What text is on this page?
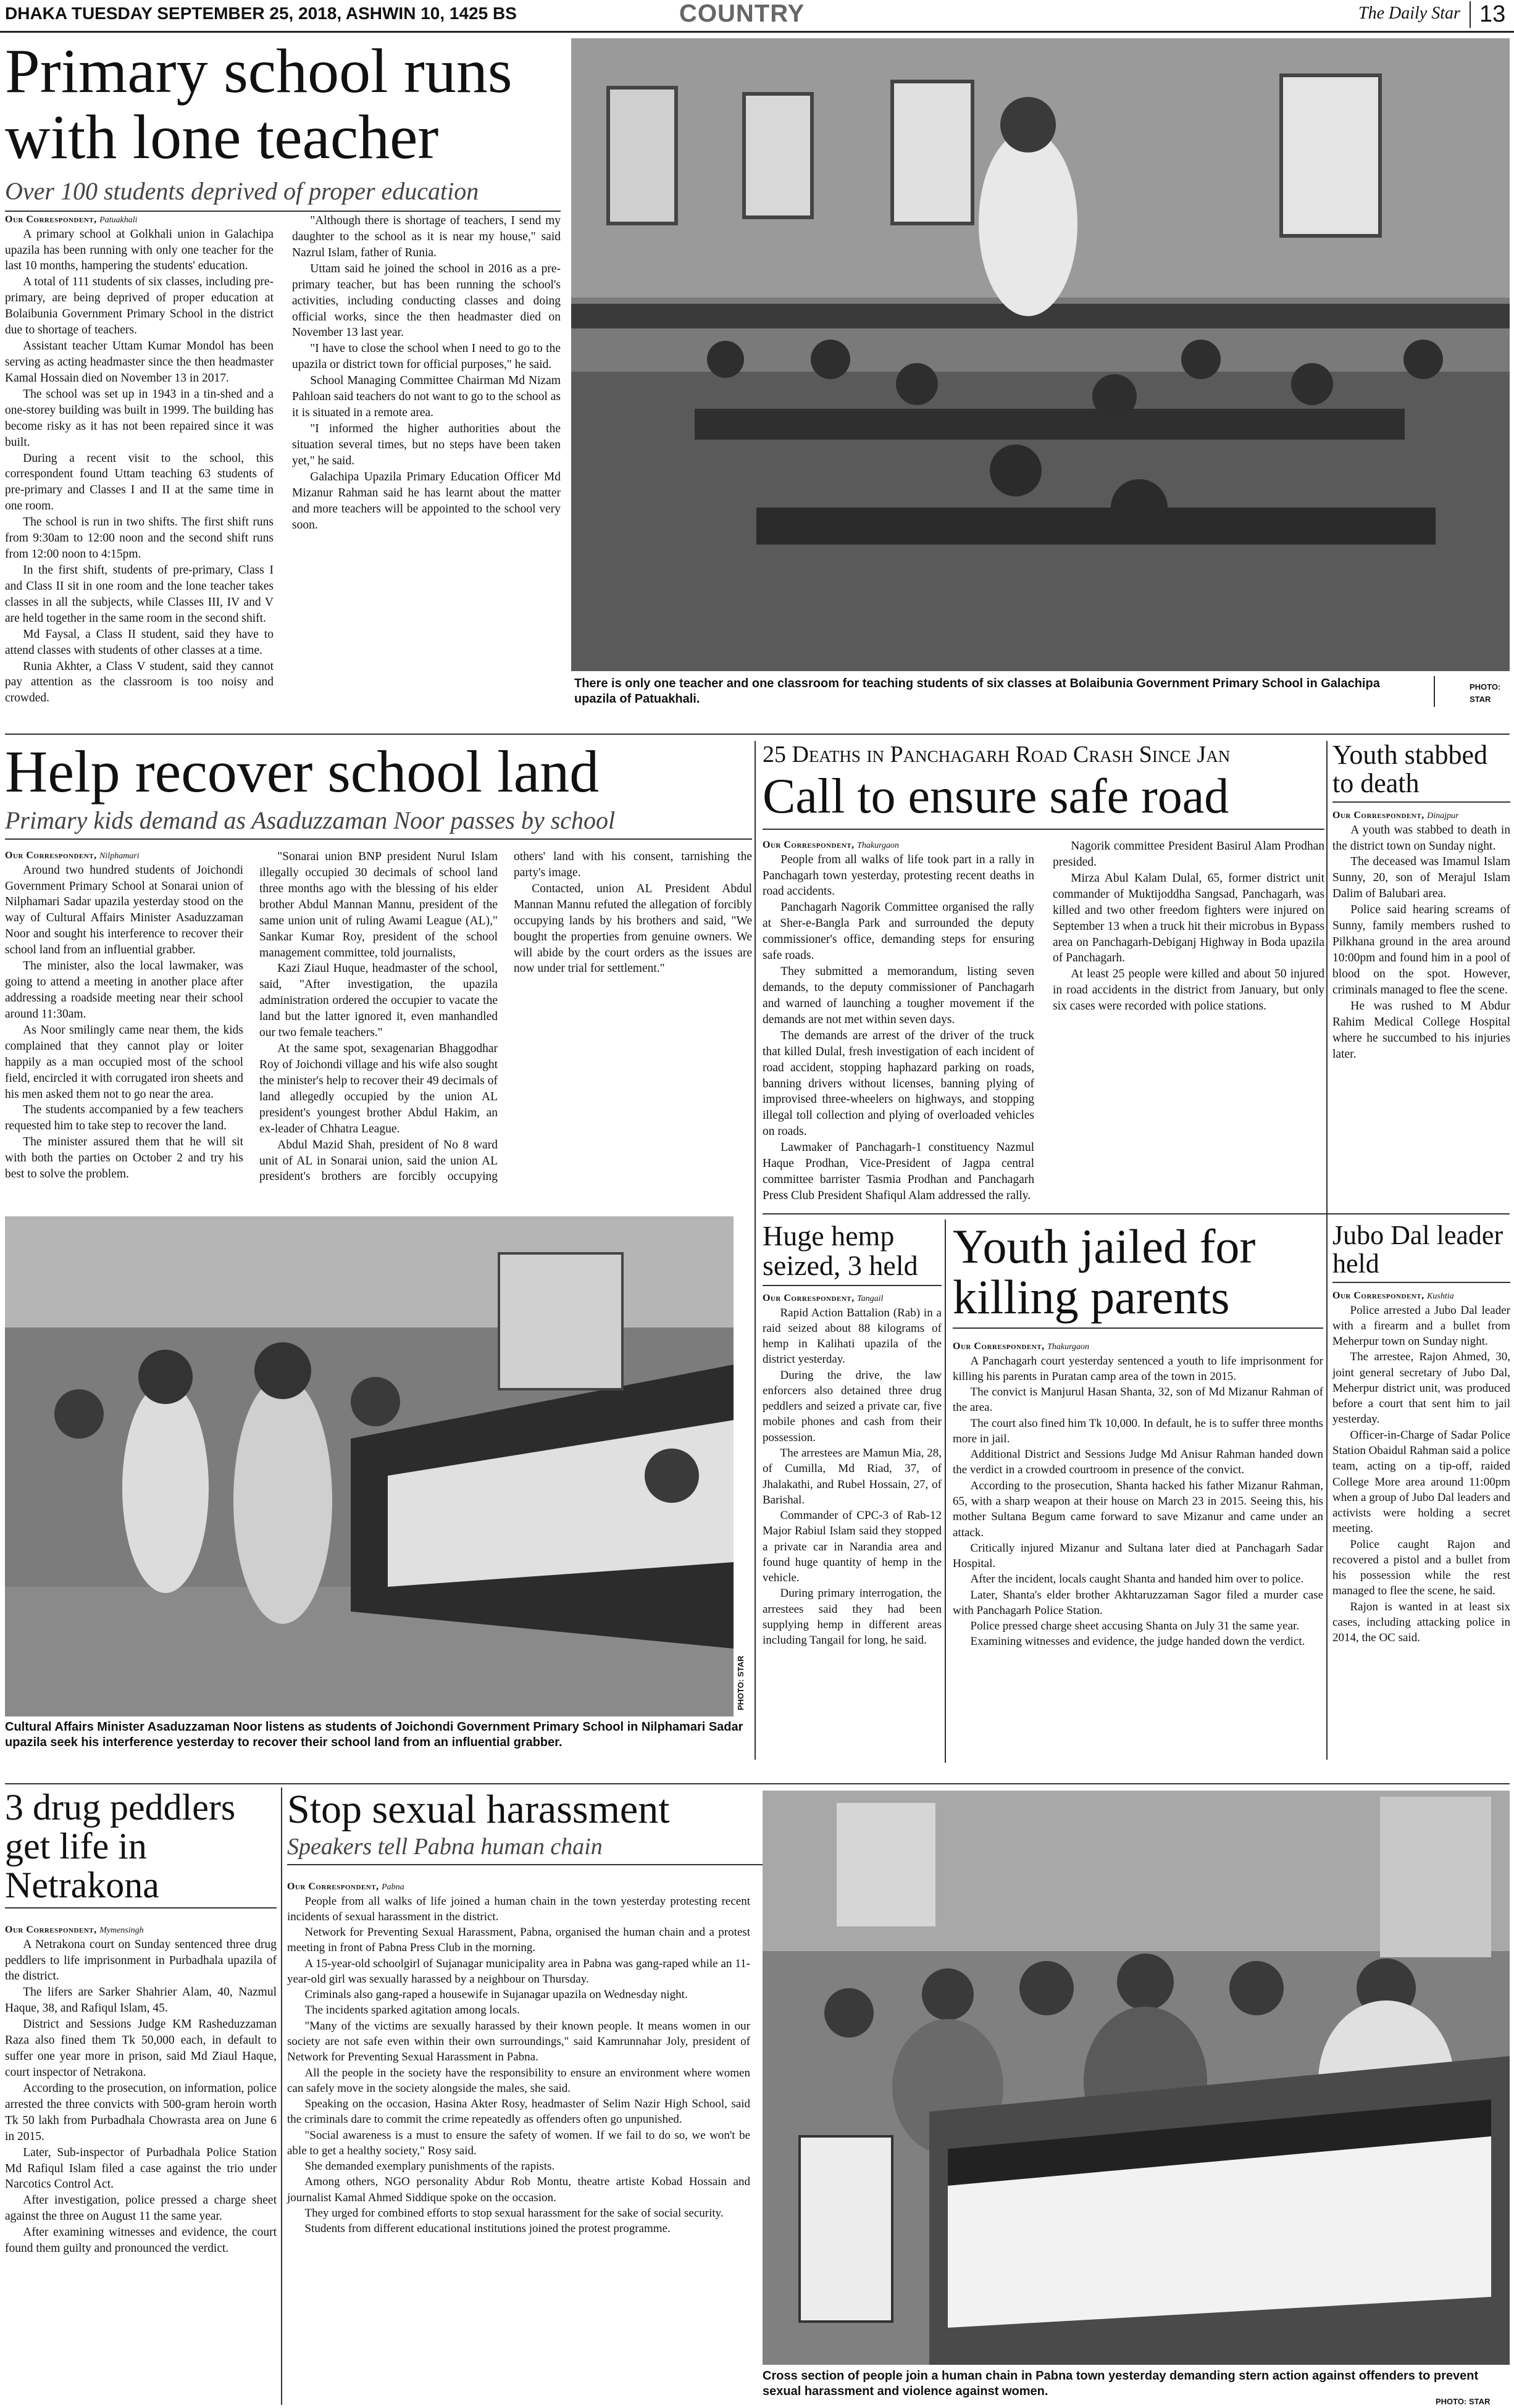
DHAKA TUESDAY SEPTEMBER 25, 2018, ASHWIN 10, 1425 BS	COUNTRY	The Daily Star 13
Primary school runs with lone teacher
Over 100 students deprived of proper education
Our Correspondent, Patuakhali

A primary school at Golkhali union in Galachipa upazila has been running with only one teacher for the last 10 months, hampering the students' education.

A total of 111 students of six classes, including pre-primary, are being deprived of proper education at Bolaibunia Government Primary School in the district due to shortage of teachers.

Assistant teacher Uttam Kumar Mondol has been serving as acting headmaster since the then headmaster Kamal Hossain died on November 13 in 2017.

The school was set up in 1943 in a tin-shed and a one-storey building was built in 1999. The building has become risky as it has not been repaired since it was built.

During a recent visit to the school, this correspondent found Uttam teaching 63 students of pre-primary and Classes I and II at the same time in one room.

The school is run in two shifts. The first shift runs from 9:30am to 12:00 noon and the second shift runs from 12:00 noon to 4:15pm.

In the first shift, students of pre-primary, Class I and Class II sit in one room and the lone teacher takes classes in all the subjects, while Classes III, IV and V are held together in the same room in the second shift.

Md Faysal, a Class II student, said they have to attend classes with students of other classes at a time.

Runia Akhter, a Class V student, said they cannot pay attention as the classroom is too noisy and crowded.

"Although there is shortage of teachers, I send my daughter to the school as it is near my house," said Nazrul Islam, father of Runia.

Uttam said he joined the school in 2016 as a pre-primary teacher, but has been running the school's activities, including conducting classes and doing official works, since the then headmaster died on November 13 last year.

"I have to close the school when I need to go to the upazila or district town for official purposes," he said.

School Managing Committee Chairman Md Nizam Pahloan said teachers do not want to go to the school as it is situated in a remote area.

"I informed the higher authorities about the situation several times, but no steps have been taken yet," he said.

Galachipa Upazila Primary Education Officer Md Mizanur Rahman said he has learnt about the matter and more teachers will be appointed to the school very soon.

There is only one teacher and one classroom for teaching students of six classes at Bolaibunia Government Primary School in Galachipa upazila of Patuakhali.
PHOTO:
STAR
Help recover school land
Primary kids demand as Asaduzzaman Noor passes by school
Our Correspondent, Nilphamari

Around two hundred students of Joichondi Government Primary School at Sonarai union of Nilphamari Sadar upazila yesterday stood on the way of Cultural Affairs Minister Asaduzzaman Noor and sought his interference to recover their school land from an influential grabber.

The minister, also the local lawmaker, was going to attend a meeting in another place after addressing a roadside meeting near their school around 11:30am.

As Noor smilingly came near them, the kids complained that they cannot play or loiter happily as a man occupied most of the school field, encircled it with corrugated iron sheets and his men asked them not to go near the area.

The students accompanied by a few teachers requested him to take step to recover the land.

The minister assured them that he will sit with both the parties on October 2 and try his best to solve the problem.

"Sonarai union BNP president Nurul Islam illegally occupied 30 decimals of school land three months ago with the blessing of his elder brother Abdul Mannan Mannu, president of the same union unit of ruling Awami League (AL)," Sankar Kumar Roy, president of the school management committee, told journalists,

Kazi Ziaul Huque, headmaster of the school, said, "After investigation, the upazila administration ordered the occupier to vacate the land but the latter ignored it, even manhandled our two female teachers."

At the same spot, sexagenarian Bhaggodhar Roy of Joichondi village and his wife also sought the minister's help to recover their 49 decimals of land allegedly occupied by the union AL president's youngest brother Abdul Hakim, an ex-leader of Chhatra League.

Abdul Mazid Shah, president of No 8 ward unit of AL in Sonarai union, said the union AL president's brothers are forcibly occupying others' land with his consent, tarnishing the party's image.

Contacted, union AL President Abdul Mannan Mannu refuted the allegation of forcibly occupying lands by his brothers and said, "We bought the properties from genuine owners. We will abide by the court orders as the issues are now under trial for settlement."

PHOTO: STAR
Cultural Affairs Minister Asaduzzaman Noor listens as students of Joichondi Government Primary School in Nilphamari Sadar upazila seek his interference yesterday to recover their school land from an influential grabber.
25 Deaths in Panchagarh Road Crash Since Jan
Call to ensure safe road
Our Correspondent, Thakurgaon

People from all walks of life took part in a rally in Panchagarh town yesterday, protesting recent deaths in road accidents.

Panchagarh Nagorik Committee organised the rally at Sher-e-Bangla Park and surrounded the deputy commissioner's office, demanding steps for ensuring safe roads.

They submitted a memorandum, listing seven demands, to the deputy commissioner of Panchagarh and warned of launching a tougher movement if the demands are not met within seven days.

The demands are arrest of the driver of the truck that killed Dulal, fresh investigation of each incident of road accident, stopping haphazard parking on roads, banning drivers without licenses, banning plying of improvised three-wheelers on highways, and stopping illegal toll collection and plying of overloaded vehicles on roads.

Lawmaker of Panchagarh-1 constituency Nazmul Haque Prodhan, Vice-President of Jagpa central committee barrister Tasmia Prodhan and Panchagarh Press Club President Shafiqul Alam addressed the rally.

Nagorik committee President Basirul Alam Prodhan presided.

Mirza Abul Kalam Dulal, 65, former district unit commander of Muktijoddha Sangsad, Panchagarh, was killed and two other freedom fighters were injured on September 13 when a truck hit their microbus in Bypass area on Panchagarh-Debiganj Highway in Boda upazila of Panchagarh.

At least 25 people were killed and about 50 injured in road accidents in the district from January, but only six cases were recorded with police stations.

Youth stabbed to death
Our Correspondent, Dinajpur

A youth was stabbed to death in the district town on Sunday night.

The deceased was Imamul Islam Sunny, 20, son of Merajul Islam Dalim of Balubari area.

Police said hearing screams of Sunny, family members rushed to Pilkhana ground in the area around 10:00pm and found him in a pool of blood on the spot. However, criminals managed to flee the scene.

He was rushed to M Abdur Rahim Medical College Hospital where he succumbed to his injuries later.

Huge hemp seized, 3 held
Our Correspondent, Tangail

Rapid Action Battalion (Rab) in a raid seized about 88 kilograms of hemp in Kalihati upazila of the district yesterday.

During the drive, the law enforcers also detained three drug peddlers and seized a private car, five mobile phones and cash from their possession.

The arrestees are Mamun Mia, 28, of Cumilla, Md Riad, 37, of Jhalakathi, and Rubel Hossain, 27, of Barishal.

Commander of CPC-3 of Rab-12 Major Rabiul Islam said they stopped a private car in Narandia area and found huge quantity of hemp in the vehicle.

During primary interrogation, the arrestees said they had been supplying hemp in different areas including Tangail for long, he said.

Youth jailed for killing parents
Our Correspondent, Thakurgaon

A Panchagarh court yesterday sentenced a youth to life imprisonment for killing his parents in Puratan camp area of the town in 2015.

The convict is Manjurul Hasan Shanta, 32, son of Md Mizanur Rahman of the area.

The court also fined him Tk 10,000. In default, he is to suffer three months more in jail.

Additional District and Sessions Judge Md Anisur Rahman handed down the verdict in a crowded courtroom in presence of the convict.

According to the prosecution, Shanta hacked his father Mizanur Rahman, 65, with a sharp weapon at their house on March 23 in 2015. Seeing this, his mother Sultana Begum came forward to save Mizanur and came under an attack.

Critically injured Mizanur and Sultana later died at Panchagarh Sadar Hospital.

After the incident, locals caught Shanta and handed him over to police.

Later, Shanta's elder brother Akhtaruzzaman Sagor filed a murder case with Panchagarh Police Station.

Police pressed charge sheet accusing Shanta on July 31 the same year.

Examining witnesses and evidence, the judge handed down the verdict.

Jubo Dal leader held
Our Correspondent, Kushtia

Police arrested a Jubo Dal leader with a firearm and a bullet from Meherpur town on Sunday night.

The arrestee, Rajon Ahmed, 30, joint general secretary of Jubo Dal, Meherpur district unit, was produced before a court that sent him to jail yesterday.

Officer-in-Charge of Sadar Police Station Obaidul Rahman said a police team, acting on a tip-off, raided College More area around 11:00pm when a group of Jubo Dal leaders and activists were holding a secret meeting.

Police caught Rajon and recovered a pistol and a bullet from his possession while the rest managed to flee the scene, he said.

Rajon is wanted in at least six cases, including attacking police in 2014, the OC said.

3 drug peddlers get life in Netrakona
Our Correspondent, Mymensingh

A Netrakona court on Sunday sentenced three drug peddlers to life imprisonment in Purbadhala upazila of the district.

The lifers are Sarker Shahrier Alam, 40, Nazmul Haque, 38, and Rafiqul Islam, 45.

District and Sessions Judge KM Rasheduzzaman Raza also fined them Tk 50,000 each, in default to suffer one year more in prison, said Md Ziaul Haque, court inspector of Netrakona.

According to the prosecution, on information, police arrested the three convicts with 500-gram heroin worth Tk 50 lakh from Purbadhala Chowrasta area on June 6 in 2015.

Later, Sub-inspector of Purbadhala Police Station Md Rafiqul Islam filed a case against the trio under Narcotics Control Act.

After investigation, police pressed a charge sheet against the three on August 11 the same year.

After examining witnesses and evidence, the court found them guilty and pronounced the verdict.

Stop sexual harassment
Speakers tell Pabna human chain
Our Correspondent, Pabna

People from all walks of life joined a human chain in the town yesterday protesting recent incidents of sexual harassment in the district.

Network for Preventing Sexual Harassment, Pabna, organised the human chain and a protest meeting in front of Pabna Press Club in the morning.

A 15-year-old schoolgirl of Sujanagar municipality area in Pabna was gang-raped while an 11-year-old girl was sexually harassed by a neighbour on Thursday.

Criminals also gang-raped a housewife in Sujanagar upazila on Wednesday night.

The incidents sparked agitation among locals.

"Many of the victims are sexually harassed by their known people. It means women in our society are not safe even within their own surroundings," said Kamrunnahar Joly, president of Network for Preventing Sexual Harassment in Pabna.

All the people in the society have the responsibility to ensure an environment where women can safely move in the society alongside the males, she said.

Speaking on the occasion, Hasina Akter Rosy, headmaster of Selim Nazir High School, said the criminals dare to commit the crime repeatedly as offenders often go unpunished.

"Social awareness is a must to ensure the safety of women. If we fail to do so, we won't be able to get a healthy society," Rosy said.

She demanded exemplary punishments of the rapists.

Among others, NGO personality Abdur Rob Montu, theatre artiste Kobad Hossain and journalist Kamal Ahmed Siddique spoke on the occasion.

They urged for combined efforts to stop sexual harassment for the sake of social security.

Students from different educational institutions joined the protest programme.

Cross section of people join a human chain in Pabna town yesterday demanding stern action against offenders to prevent sexual harassment and violence against women.
PHOTO: STAR
